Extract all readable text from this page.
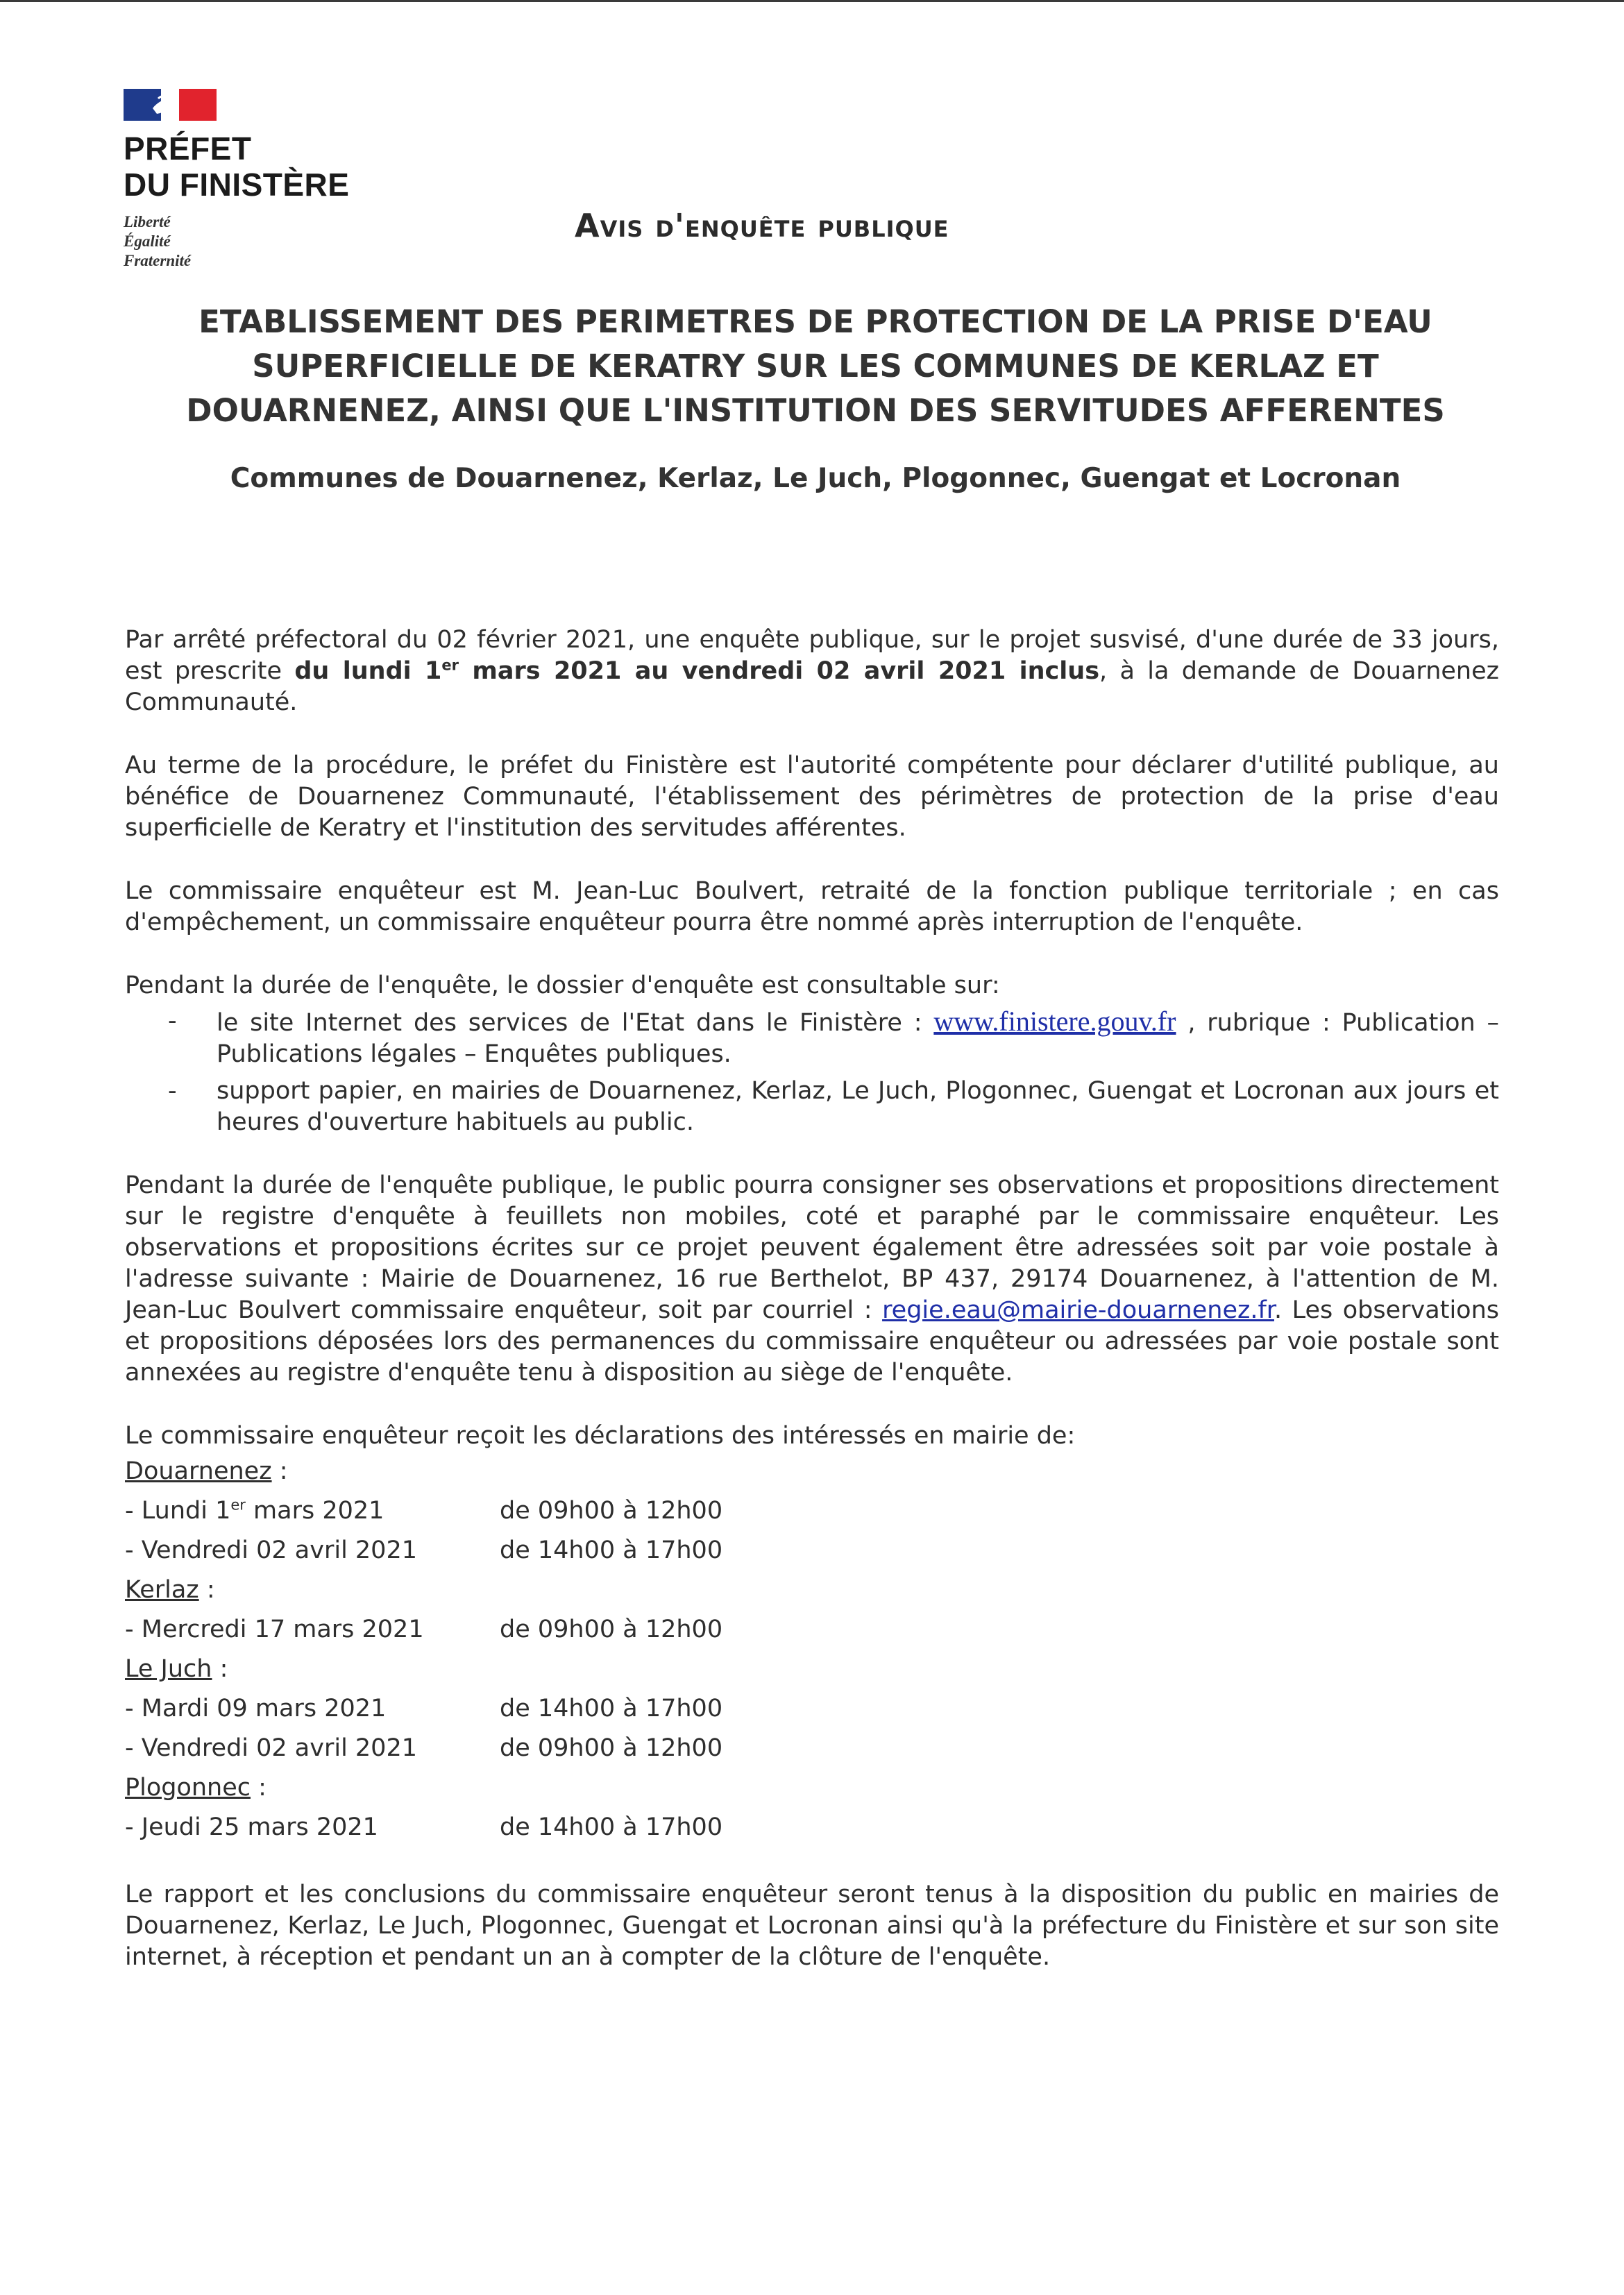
PRÉFET
DU FINISTÈRE
Liberté
Égalité
Fraternité
Avis d'enquête publique
ETABLISSEMENT DES PERIMETRES DE PROTECTION DE LA PRISE D'EAU
SUPERFICIELLE DE KERATRY SUR LES COMMUNES DE KERLAZ ET
DOUARNENEZ, AINSI QUE L'INSTITUTION DES SERVITUDES AFFERENTES
Communes de Douarnenez, Kerlaz, Le Juch, Plogonnec, Guengat et Locronan

Par arrêté préfectoral du 02 février 2021, une enquête publique, sur le projet susvisé, d'une durée de 33 jours, est prescrite du lundi 1er mars 2021 au vendredi 02 avril 2021 inclus, à la demande de Douarnenez Communauté.

Au terme de la procédure, le préfet du Finistère est l'autorité compétente pour déclarer d'utilité publique, au bénéfice de Douarnenez Communauté, l'établissement des périmètres de protection de la prise d'eau superficielle de Keratry et l'institution des servitudes afférentes.

Le commissaire enquêteur est M. Jean-Luc Boulvert, retraité de la fonction publique territoriale ; en cas d'empêchement, un commissaire enquêteur pourra être nommé après interruption de l'enquête.

Pendant la durée de l'enquête, le dossier d'enquête est consultable sur:

- le site Internet des services de l'Etat dans le Finistère : www.finistere.gouv.fr , rubrique : Publication – Publications légales – Enquêtes publiques.
- support papier, en mairies de Douarnenez, Kerlaz, Le Juch, Plogonnec, Guengat et Locronan aux jours et heures d'ouverture habituels au public.

Pendant la durée de l'enquête publique, le public pourra consigner ses observations et propositions directement sur le registre d'enquête à feuillets non mobiles, coté et paraphé par le commissaire enquêteur. Les observations et propositions écrites sur ce projet peuvent également être adressées soit par voie postale à l'adresse suivante : Mairie de Douarnenez, 16 rue Berthelot, BP 437, 29174 Douarnenez, à l'attention de M. Jean-Luc Boulvert commissaire enquêteur, soit par courriel : regie.eau@mairie-douarnenez.fr. Les observations et propositions déposées lors des permanences du commissaire enquêteur ou adressées par voie postale sont annexées au registre d'enquête tenu à disposition au siège de l'enquête.

Le commissaire enquêteur reçoit les déclarations des intéressés en mairie de:

Douarnenez :
- Lundi 1er mars 2021	de 09h00 à 12h00
- Vendredi 02 avril 2021	de 14h00 à 17h00
Kerlaz :
- Mercredi 17 mars 2021	de 09h00 à 12h00
Le Juch :
- Mardi 09 mars 2021	de 14h00 à 17h00
- Vendredi 02 avril 2021	de 09h00 à 12h00
Plogonnec :
- Jeudi 25 mars 2021	de 14h00 à 17h00

Le rapport et les conclusions du commissaire enquêteur seront tenus à la disposition du public en mairies de Douarnenez, Kerlaz, Le Juch, Plogonnec, Guengat et Locronan ainsi qu'à la préfecture du Finistère et sur son site internet, à réception et pendant un an à compter de la clôture de l'enquête.
